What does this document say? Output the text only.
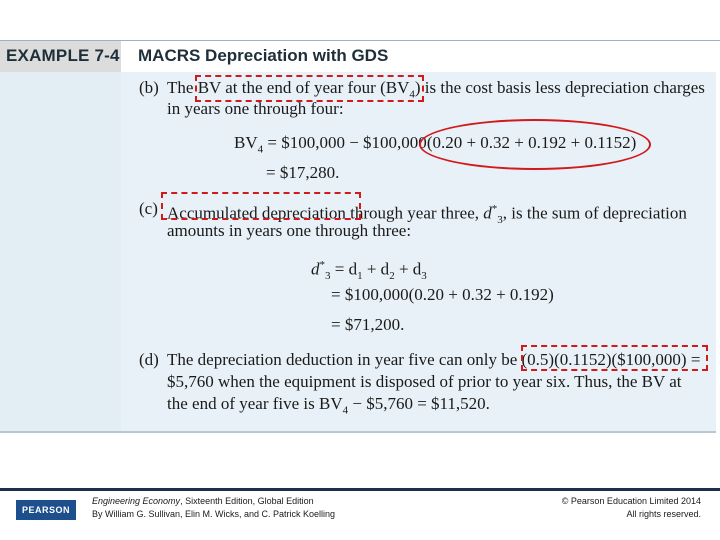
EXAMPLE 7-4 MACRS Depreciation with GDS
(b) The BV at the end of year four $(BV_4)$ is the cost basis less depreciation charges
in years one through four:
$BV_4$ = $100,000 − $100,000(0.20 + 0.32 + 0.192 + 0.1152)
= $17,280.
(c) Accumulated depreciation through year three, $d^*_3$, is the sum of depreciation
amounts in years one through three:
$d^*_3 = d_1 + d_2 + d_3$
= $100,000(0.20 + 0.32 + 0.192)
= $71,200.
(d) The depreciation deduction in year five can only be (0.5)(0.1152)($100,000) =
$5,760 when the equipment is disposed of prior to year six. Thus, the BV at
the end of year five is $BV_4$ − $5,760 = $11,520.
PEARSON
Engineering Economy, Sixteenth Edition, Global Edition
By William G. Sullivan, Elin M. Wicks, and C. Patrick Koelling
© Pearson Education Limited 2014
All rights reserved.
